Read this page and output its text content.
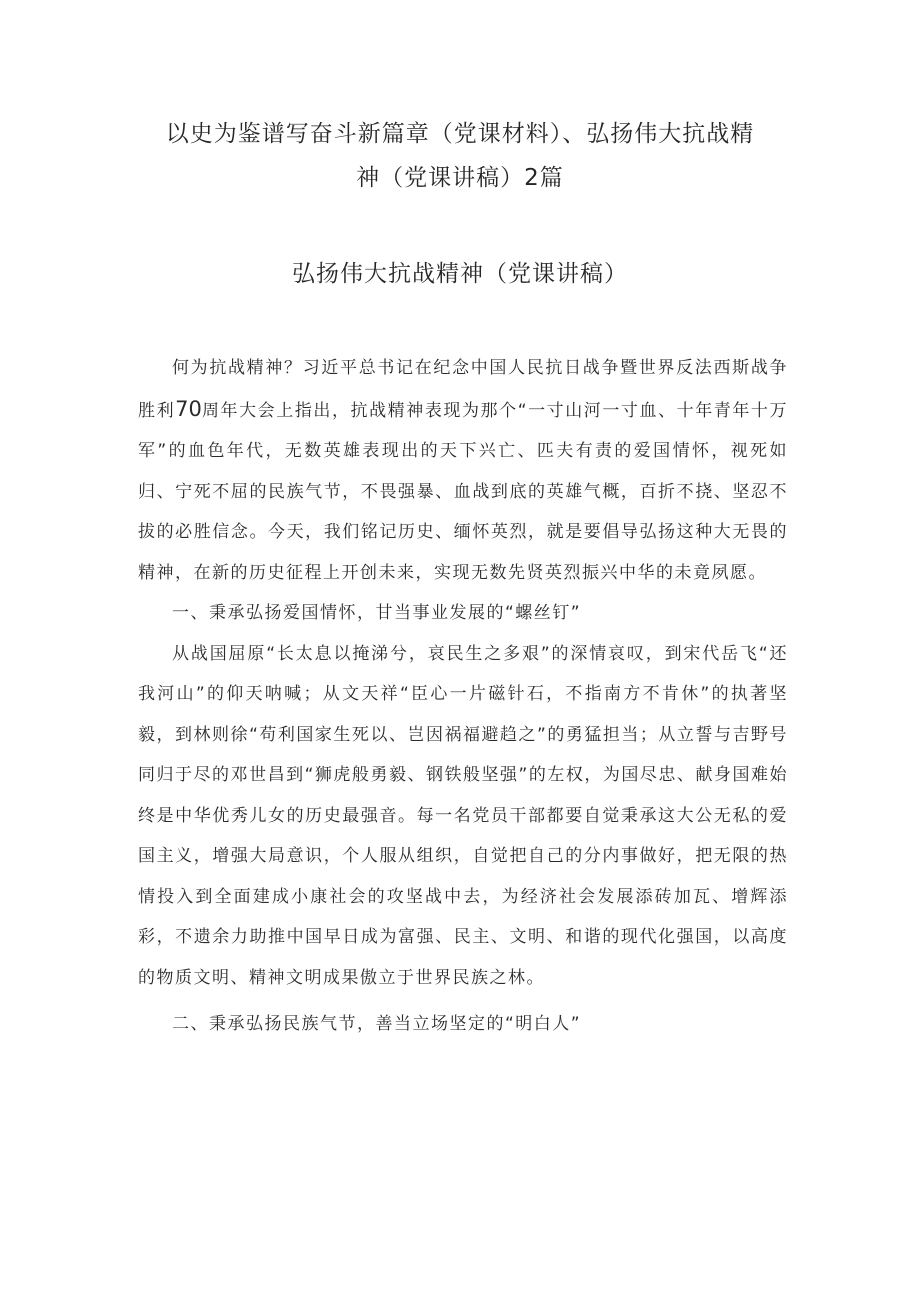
以史为鉴谱写奋斗新篇章（党课材料）、弘扬伟大抗战精
神（党课讲稿）2篇
弘扬伟大抗战精神（党课讲稿）

何为抗战精神？习近平总书记在纪念中国人民抗日战争暨世界反法西斯战争胜利70周年大会上指出，抗战精神表现为那个“一寸山河一寸血、十年青年十万军”的血色年代，无数英雄表现出的天下兴亡、匹夫有责的爱国情怀，视死如归、宁死不屈的民族气节，不畏强暴、血战到底的英雄气概，百折不挠、坚忍不拔的必胜信念。今天，我们铭记历史、缅怀英烈，就是要倡导弘扬这种大无畏的精神，在新的历史征程上开创未来，实现无数先贤英烈振兴中华的未竟夙愿。

一、秉承弘扬爱国情怀，甘当事业发展的“螺丝钉”

从战国屈原“长太息以掩涕兮，哀民生之多艰”的深情哀叹，到宋代岳飞“还我河山”的仰天呐喊；从文天祥“臣心一片磁针石，不指南方不肯休”的执著坚毅，到林则徐“苟利国家生死以、岂因祸福避趋之”的勇猛担当；从立誓与吉野号同归于尽的邓世昌到“狮虎般勇毅、钢铁般坚强”的左权，为国尽忠、献身国难始终是中华优秀儿女的历史最强音。每一名党员干部都要自觉秉承这大公无私的爱国主义，增强大局意识，个人服从组织，自觉把自己的分内事做好，把无限的热情投入到全面建成小康社会的攻坚战中去，为经济社会发展添砖加瓦、增辉添彩，不遗余力助推中国早日成为富强、民主、文明、和谐的现代化强国，以高度的物质文明、精神文明成果傲立于世界民族之林。

二、秉承弘扬民族气节，善当立场坚定的“明白人”
